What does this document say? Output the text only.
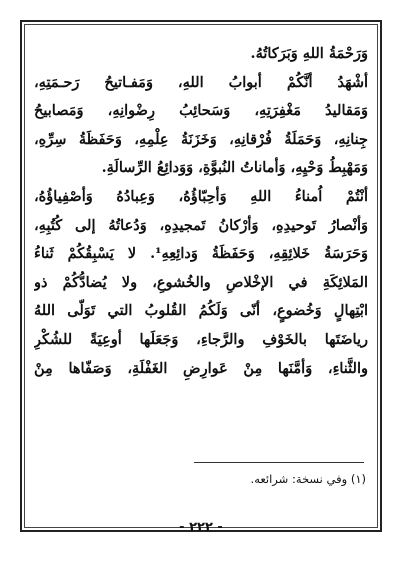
وَرَحْمَةُ اللهِ وَبَرَكاتُهُ.
أشْهَدُ أنَّكُمْ أبوابُ اللهِ، وَمَفـاتيحُ رَحـمَتِهِ،
وَمَقاليدُ مَغْفِرَتِهِ، وَسَحائِبُ رِضْوانِهِ، وَمَصابيحُ
جِنانِهِ، وَحَمَلَةُ فُرْقانِهِ، وَخَزَنَةُ عِلْمِهِ، وَحَفَظَةُ سِرِّهِ،
وَمَهْبِطُ وَحْيِهِ، وَأماناتُ النُبوَّةِ، وَوَدائِعُ الرِّسالَةِ.
أنْتُمْ اُمناءُ اللهِ وَأحِبّاؤُهُ، وَعِبادُهُ وَأصْفِياؤُهُ،
وَأنْصارُ تَوحيدِهِ، وَأرْكانُ تَمجيدِهِ، وَدُعاتُهُ إلى كُتُبِهِ،
وَحَرَسَةُ خَلائِقِهِ، وَحَفَظَةُ وَدائِعِهِ¹. لا يَسْبِقُكُمْ ثَناءُ
المَلائِكَةِ في الإخْلاصِ والخُشوعِ، ولا يُضادُّكُمْ ذو
ابْتِهالٍ وَخُضوعٍ، أنّى وَلَكُمُ القُلوبُ التي تَوَلّى اللهُ
رياضَتَها بالخَوْفِ والرَّجاءِ، وَجَعَلَها أوعِيَةً للشُكْرِ
والثَّناءِ، وَأمَّنَها مِنْ عَوارِضِ الغَفْلَةِ، وَصَفّاها مِنْ
(١) وفي نسخة: شرائعه.
- ٢٢٢ -
